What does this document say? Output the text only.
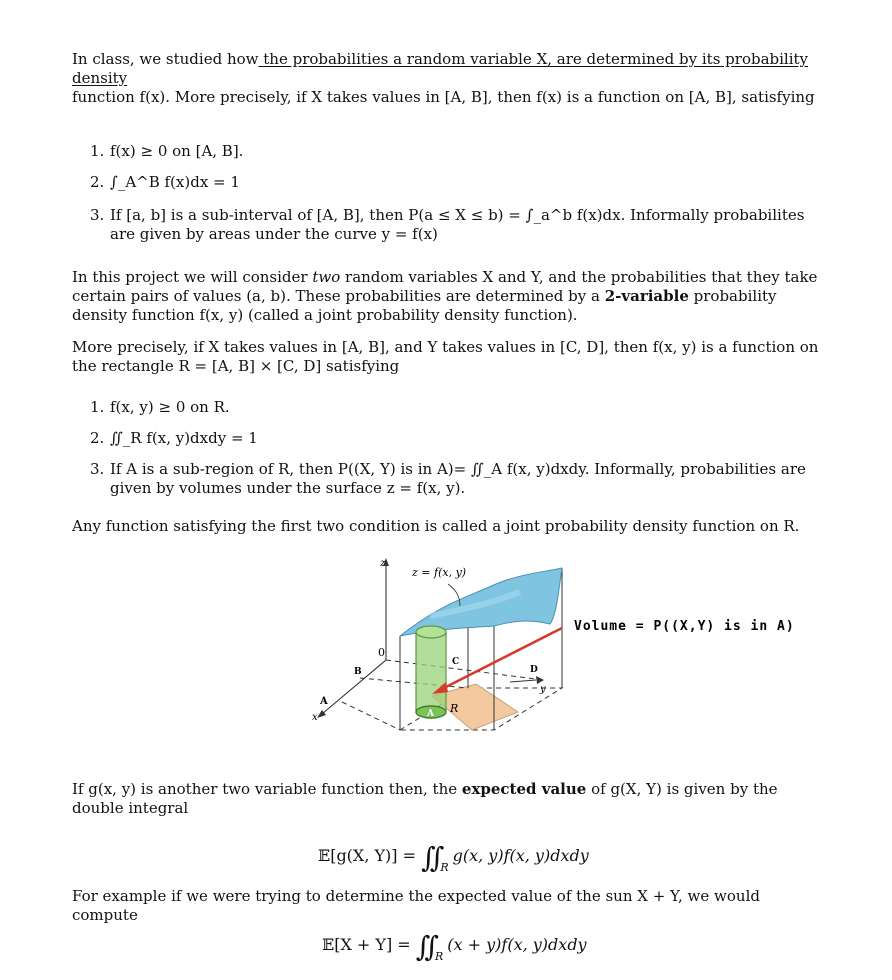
In class, we studied how the probabilities a random variable X, are determined by its probability density
function f(x). More precisely, if X takes values in [A, B], then f(x) is a function on [A, B], satisfying

1. f(x) ≥ 0 on [A, B].
2. ∫_A^B f(x)dx = 1
3. If [a, b] is a sub-interval of [A, B], then P(a ≤ X ≤ b) = ∫_a^b f(x)dx. Informally probabilites are given by areas under the curve y = f(x)

In this project we will consider two random variables X and Y, and the probabilities that they take certain pairs of values (a, b). These probabilities are determined by a 2-variable probability density function f(x, y) (called a joint probability density function).

More precisely, if X takes values in [A, B], and Y takes values in [C, D], then f(x, y) is a function on the rectangle R = [A, B] × [C, D] satisfying

1. f(x, y) ≥ 0 on R.
2. ∬_R f(x, y)dxdy = 1
3. If A is a sub-region of R, then P((X, Y) is in A)= ∬_A f(x, y)dxdy. Informally, probabilities are given by volumes under the surface z = f(x, y).

Any function satisfying the first two condition is called a joint probability density function on R.

z
z = f(x, y)
0
B
C
D
A
y
x
R
A
Volume = P((X,Y) is in A)

If g(x, y) is another two variable function then, the expected value of g(X, Y) is given by the double integral

𝔼[g(X, Y)] = ∫∫ $_R$g(x, y)f(x, y)dxdy

For example if we were trying to determine the expected value of the sun X + Y, we would compute

𝔼[X + Y] = ∫∫ $_R$(x + y)f(x, y)dxdy
